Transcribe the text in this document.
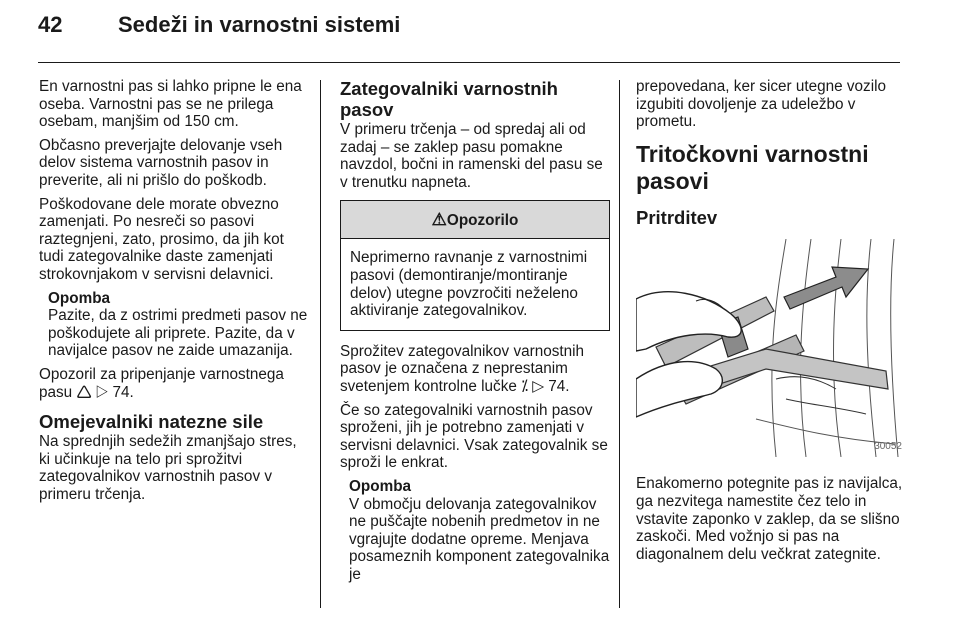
42	Sedeži in varnostni sistemi

En varnostni pas si lahko pripne le ena oseba. Varnostni pas se ne prilega osebam, manjšim od 150 cm.

Občasno preverjajte delovanje vseh delov sistema varnostnih pasov in preverite, ali ni prišlo do poškodb.

Poškodovane dele morate obvezno zamenjati. Po nesreči so pasovi raztegnjeni, zato, prosimo, da jih kot tudi zategovalnike daste zamenjati strokovnjakom v servisni delavnici.

Opomba
Pazite, da z ostrimi predmeti pasov ne poškodujete ali priprete. Pazite, da v navijalce pasov ne zaide umazanija.

Opozoril za pripenjanje varnostnega pasu 🛆 ▷ 74.

Omejevalniki natezne sile

Na sprednjih sedežih zmanjšajo stres, ki učinkuje na telo pri sprožitvi zategovalnikov varnostnih pasov v primeru trčenja.

Zategovalniki varnostnih pasov

V primeru trčenja – od spredaj ali od zadaj – se zaklep pasu pomakne navzdol, bočni in ramenski del pasu se v trenutku napneta.

⚠Opozorilo
Neprimerno ravnanje z varnostnimi pasovi (demontiranje/montiranje delov) utegne povzročiti neželeno aktiviranje zategovalnikov.

Sprožitev zategovalnikov varnostnih pasov je označena z neprestanim svetenjem kontrolne lučke ⁒ ▷ 74.

Če so zategovalniki varnostnih pasov sproženi, jih je potrebno zamenjati v servisni delavnici. Vsak zategovalnik se sproži le enkrat.

Opomba
V območju delovanja zategovalnikov ne puščajte nobenih predmetov in ne vgrajujte dodatne opreme. Menjava posameznih komponent zategovalnika je

prepovedana, ker sicer utegne vozilo izgubiti dovoljenje za udeležbo v prometu.

Tritočkovni varnostni pasovi
Pritrditev
30052

Enakomerno potegnite pas iz navijalca, ga nezvitega namestite čez telo in vstavite zaponko v zaklep, da se slišno zaskoči. Med vožnjo si pas na diagonalnem delu večkrat zategnite.
